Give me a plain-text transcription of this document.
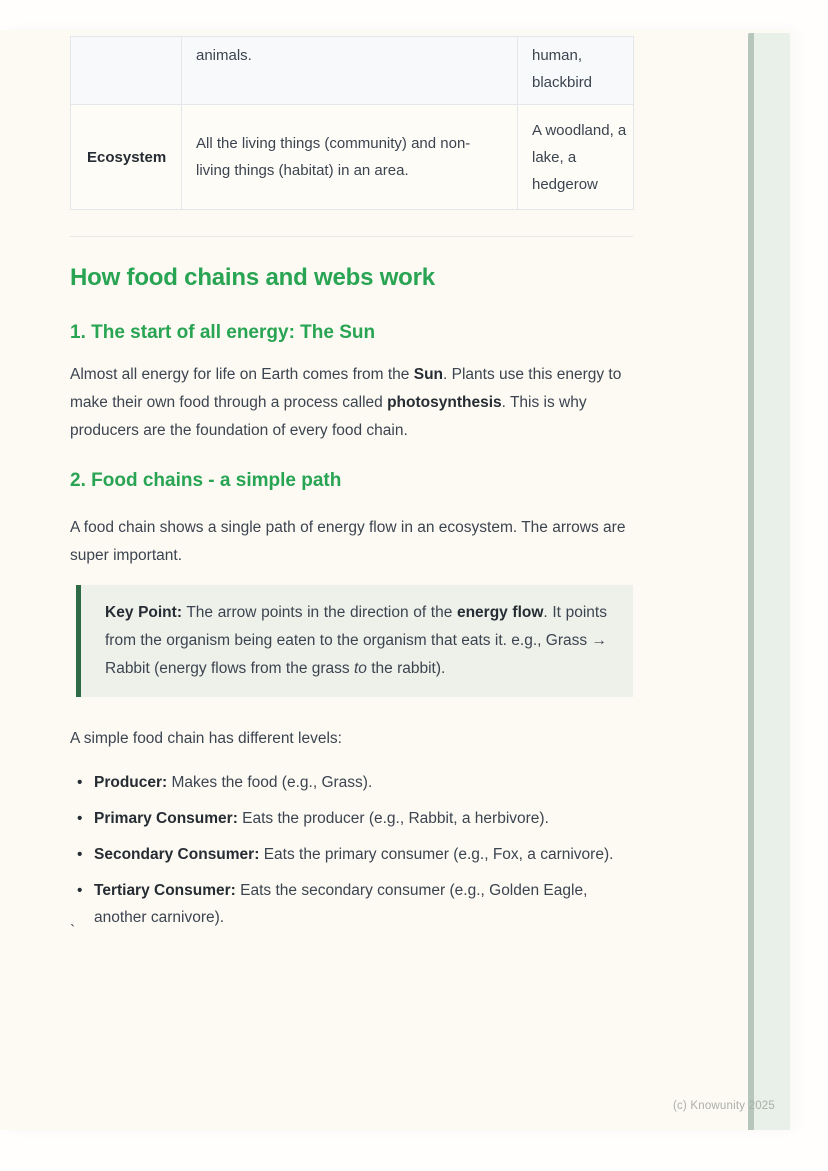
	animals.	human, blackbird
Ecosystem	All the living things (community) and non-living things (habitat) in an area.	A woodland, a lake, a hedgerow
How food chains and webs work
1. The start of all energy: The Sun

Almost all energy for life on Earth comes from the Sun. Plants use this energy to make their own food through a process called photosynthesis. This is why producers are the foundation of every food chain.

2. Food chains - a simple path

A food chain shows a single path of energy flow in an ecosystem. The arrows are super important.

Key Point: The arrow points in the direction of the energy flow. It points from the organism being eaten to the organism that eats it. e.g., Grass → Rabbit (energy flows from the grass to the rabbit).

A simple food chain has different levels:

• Producer: Makes the food (e.g., Grass).
• Primary Consumer: Eats the producer (e.g., Rabbit, a herbivore).
• Secondary Consumer: Eats the primary consumer (e.g., Fox, a carnivore).
• Tertiary Consumer: Eats the secondary consumer (e.g., Golden Eagle, another carnivore).
`
(c) Knowunity 2025
